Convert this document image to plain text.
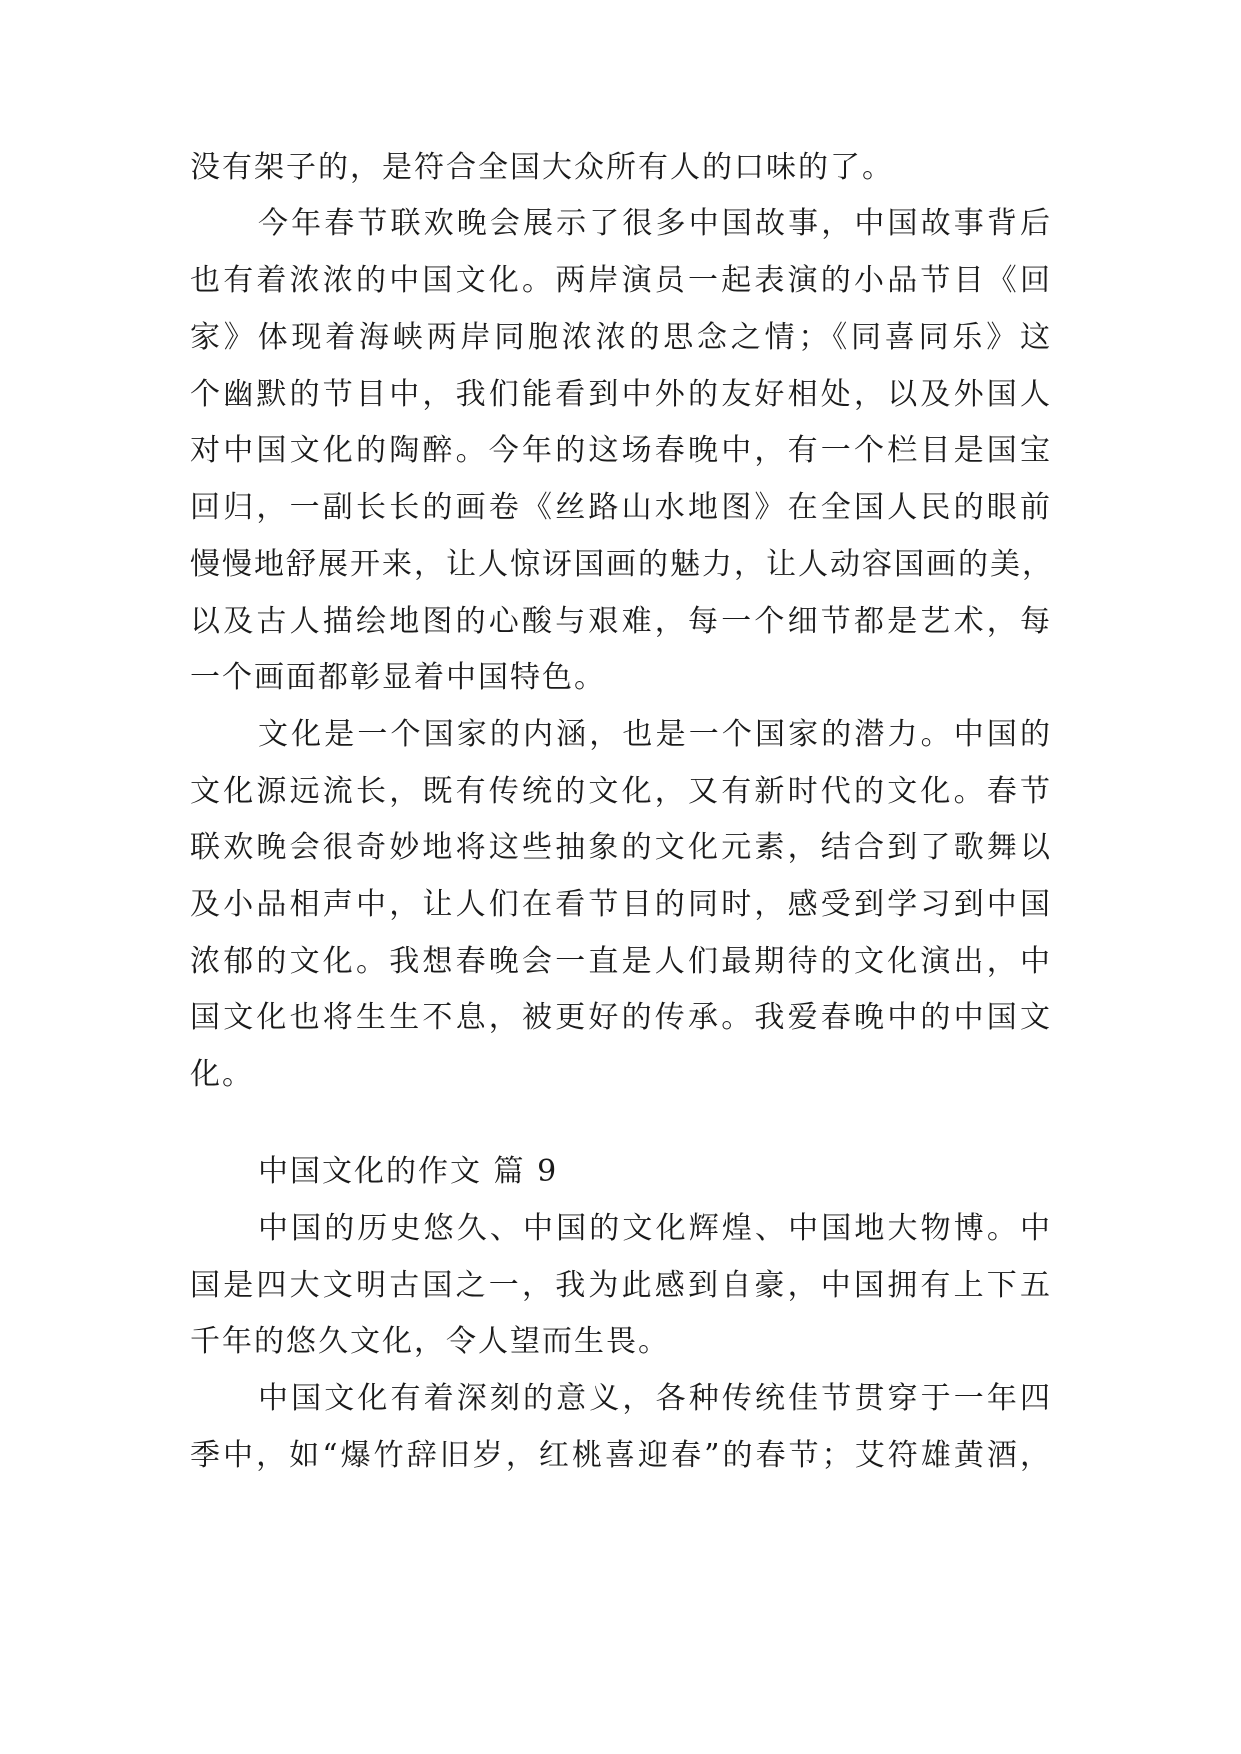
没有架子的，是符合全国大众所有人的口味的了。
今年春节联欢晚会展示了很多中国故事，中国故事背后
也有着浓浓的中国文化。两岸演员一起表演的小品节目《回
家》体现着海峡两岸同胞浓浓的思念之情；《同喜同乐》这
个幽默的节目中，我们能看到中外的友好相处，以及外国人
对中国文化的陶醉。今年的这场春晚中，有一个栏目是国宝
回归，一副长长的画卷《丝路山水地图》在全国人民的眼前
慢慢地舒展开来，让人惊讶国画的魅力，让人动容国画的美，
以及古人描绘地图的心酸与艰难，每一个细节都是艺术，每
一个画面都彰显着中国特色。
文化是一个国家的内涵，也是一个国家的潜力。中国的
文化源远流长，既有传统的文化，又有新时代的文化。春节
联欢晚会很奇妙地将这些抽象的文化元素，结合到了歌舞以
及小品相声中，让人们在看节目的同时，感受到学习到中国
浓郁的文化。我想春晚会一直是人们最期待的文化演出，中
国文化也将生生不息，被更好的传承。我爱春晚中的中国文
化。
中国文化的作文 篇 9
中国的历史悠久、中国的文化辉煌、中国地大物博。中
国是四大文明古国之一，我为此感到自豪，中国拥有上下五
千年的悠久文化，令人望而生畏。
中国文化有着深刻的意义，各种传统佳节贯穿于一年四
季中，如“爆竹辞旧岁，红桃喜迎春”的春节；艾符雄黄酒，
